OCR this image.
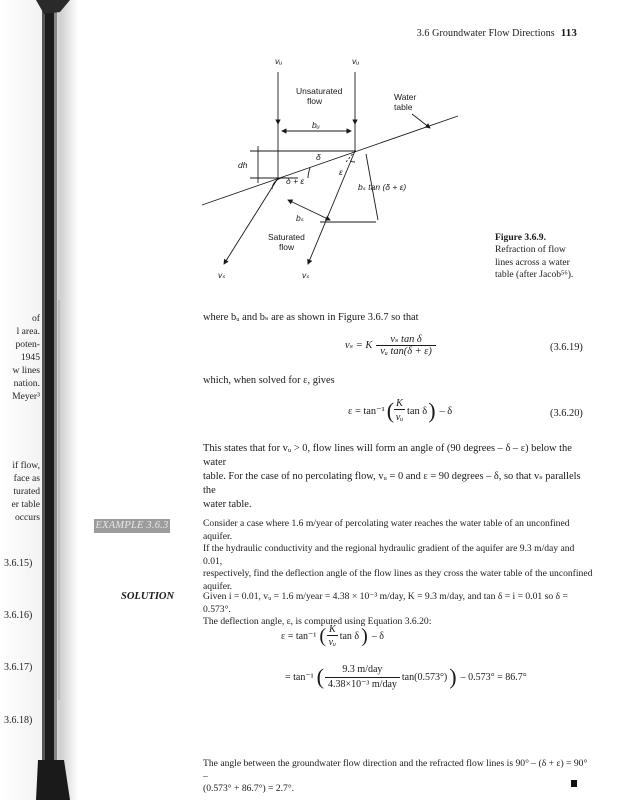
of
l area.
poten-
1945
w lines
nation.
Meyer³
if flow,
face as
turated
er table
occurs
3.6.15)
3.6.16)
3.6.17)
3.6.18)
3.6 Groundwater Flow Directions 113
vᵤ	vᵤ
Unsaturated
flow	Water
table
bᵤ
δ
dh
δ + ε
ε
bₛ tan (δ + ε)
bₛ
Saturated
flow
vₛ	vₛ
Figure 3.6.9.
Refraction of flow
lines across a water
table (after Jacob⁵⁶).
where bᵤ and bₛ are as shown in Figure 3.6.7 so that
vₛ = K	vₛ tan δ
vᵤ tan(δ + ε)	(3.6.19)
which, when solved for ε, gives
ε = tan⁻¹	(	K	tan δ	)	– δ
vᵤ	(3.6.20)
This states that for vᵤ > 0, flow lines will form an angle of (90 degrees – δ – ε) below the water
table. For the case of no percolating flow, vᵤ = 0 and ε = 90 degrees – δ, so that vₛ parallels the
water table.
EXAMPLE 3.6.3	Consider a case where 1.6 m/year of percolating water reaches the water table of an unconfined aquifer.
If the hydraulic conductivity and the regional hydraulic gradient of the aquifer are 9.3 m/day and 0.01,
respectively, find the deflection angle of the flow lines as they cross the water table of the unconfined
aquifer.
SOLUTION	Given i = 0.01, vᵤ = 1.6 m/year = 4.38 × 10⁻³ m/day, K = 9.3 m/day, and tan δ = i = 0.01 so δ = 0.573°.
The deflection angle, ε, is computed using Equation 3.6.20:
ε = tan⁻¹	(	K	tan δ	)	– δ
vᵤ
= tan⁻¹	(	9.3 m/day	tan(0.573°)	)	– 0.573° = 86.7°
4.38×10⁻³ m/day
The angle between the groundwater flow direction and the refracted flow lines is 90° – (δ + ε) = 90° –
(0.573° + 86.7°) = 2.7°.
